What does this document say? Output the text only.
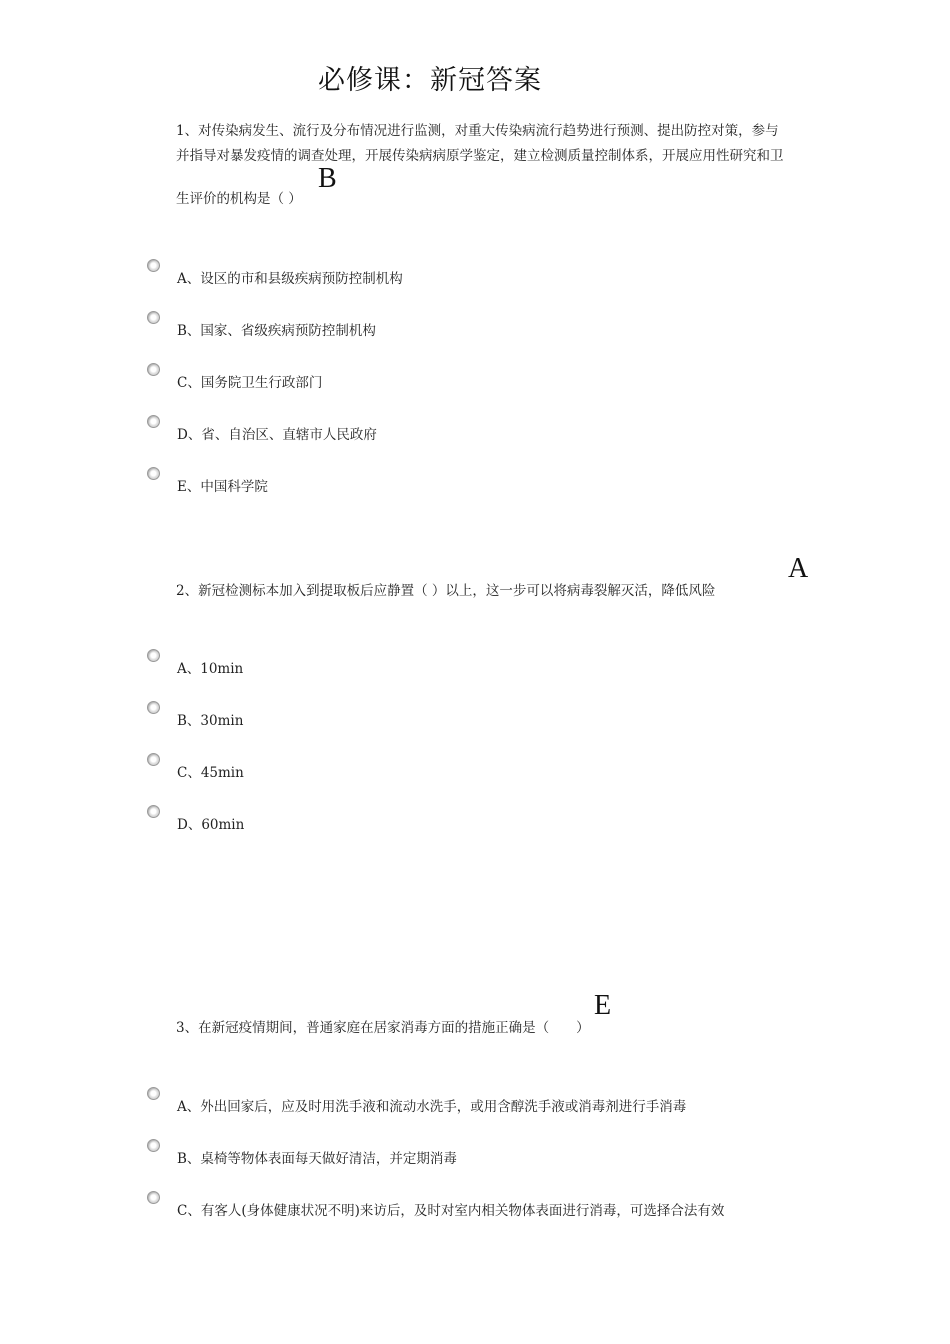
必修课：新冠答案
1、对传染病发生、流行及分布情况进行监测，对重大传染病流行趋势进行预测、提出防控对策，参与
并指导对暴发疫情的调查处理，开展传染病病原学鉴定，建立检测质量控制体系，开展应用性研究和卫
生评价的机构是（ ）
B
A、设区的市和县级疾病预防控制机构
B、国家、省级疾病预防控制机构
C、国务院卫生行政部门
D、省、自治区、直辖市人民政府
E、中国科学院
2、新冠检测标本加入到提取板后应静置（ ）以上，这一步可以将病毒裂解灭活，降低风险
A
A、10min
B、30min
C、45min
D、60min
3、在新冠疫情期间，普通家庭在居家消毒方面的措施正确是（　　）
E
A、外出回家后，应及时用洗手液和流动水洗手，或用含醇洗手液或消毒剂进行手消毒
B、桌椅等物体表面每天做好清洁，并定期消毒
C、有客人(身体健康状况不明)来访后，及时对室内相关物体表面进行消毒，可选择合法有效
